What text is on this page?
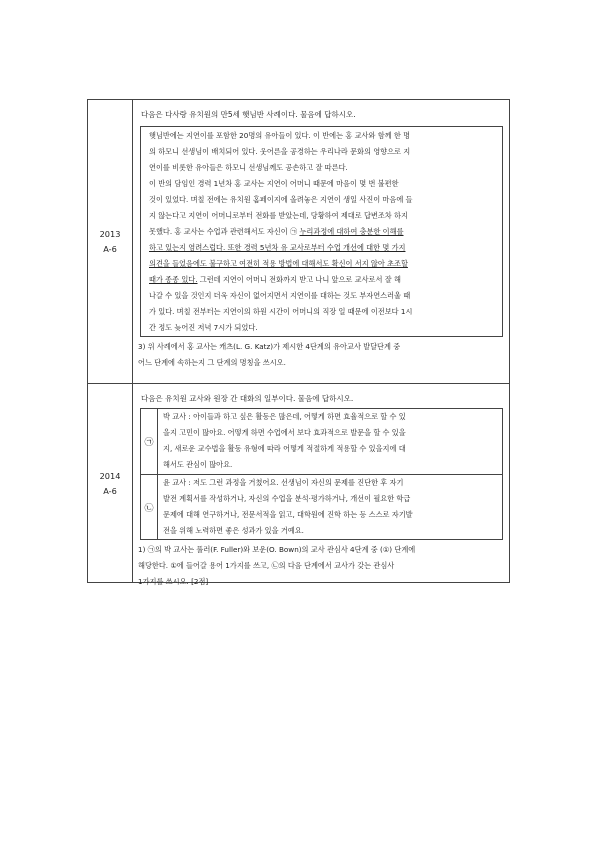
2013
A-6
다음은 다사랑 유치원의 만5세 햇님반 사례이다. 물음에 답하시오.
햇님반에는 지연이를 포함한 20명의 유아들이 있다. 이 반에는 홍 교사와 함께 한 명
의 하모니 선생님이 배치되어 있다. 웃어른을 공경하는 우리나라 문화의 영향으로 지
연이를 비롯한 유아들은 하모니 선생님께도 공손하고 잘 따른다.
이 반의 담임인 경력 1년차 홍 교사는 지연이 어머니 때문에 마음이 몇 번 불편한
것이 있었다. 며칠 전에는 유치원 홈페이지에 올려놓은 지연이 생일 사진이 마음에 들
지 않는다고 지연이 어머니로부터 전화를 받았는데, 당황하여 제대로 답변조차 하지
못했다. 홍 교사는 수업과 관련해서도 자신이 ㉠ 누리과정에 대하여 충분한 이해를
하고 있는지 염려스럽다. 또한 경력 5년차 유 교사로부터 수업 개선에 대한 몇 가지
의견을 들었음에도 불구하고 여전히 적용 방법에 대해서도 확신이 서지 않아 초조할
때가 종종 있다. 그런데 지연이 어머니 전화까지 받고 나니 앞으로 교사로서 잘 해
나갈 수 있을 것인지 더욱 자신이 없어지면서 지연이를 대하는 것도 부자연스러울 때
가 있다. 며칠 전부터는 지연이의 하원 시간이 어머니의 직장 일 때문에 이전보다 1시
간 정도 늦어진 저녁 7시가 되었다.
3) 위 사례에서 홍 교사는 캐츠(L. G. Katz)가 제시한 4단계의 유아교사 발달단계 중
어느 단계에 속하는지 그 단계의 명칭을 쓰시오.
2014
A-6
다음은 유치원 교사와 원장 간 대화의 일부이다. 물음에 답하시오.
㉠
박 교사 : 아이들과 하고 싶은 활동은 많은데, 어떻게 하면 효율적으로 할 수 있
을지 고민이 많아요. 어떻게 하면 수업에서 보다 효과적으로 발문을 할 수 있을
지, 새로운 교수법을 활동 유형에 따라 어떻게 적절하게 적용할 수 있을지에 대
해서도 관심이 많아요.
㉡
윤 교사 : 저도 그런 과정을 거쳤어요. 선생님이 자신의 문제를 진단한 후 자기
발전 계획서를 작성하거나, 자신의 수업을 분석·평가하거나, 개선이 필요한 학급
문제에 대해 연구하거나, 전문서적을 읽고, 대학원에 진학 하는 등 스스로 자기발
전을 위해 노력하면 좋은 성과가 있을 거예요.
1) ㉠의 박 교사는 풀러(F. Fuller)와 보운(O. Bown)의 교사 관심사 4단계 중 (①) 단계에
해당한다. ①에 들어갈 용어 1가지를 쓰고, ㉡의 다음 단계에서 교사가 갖는 관심사
1가지를 쓰시오. [2점]
